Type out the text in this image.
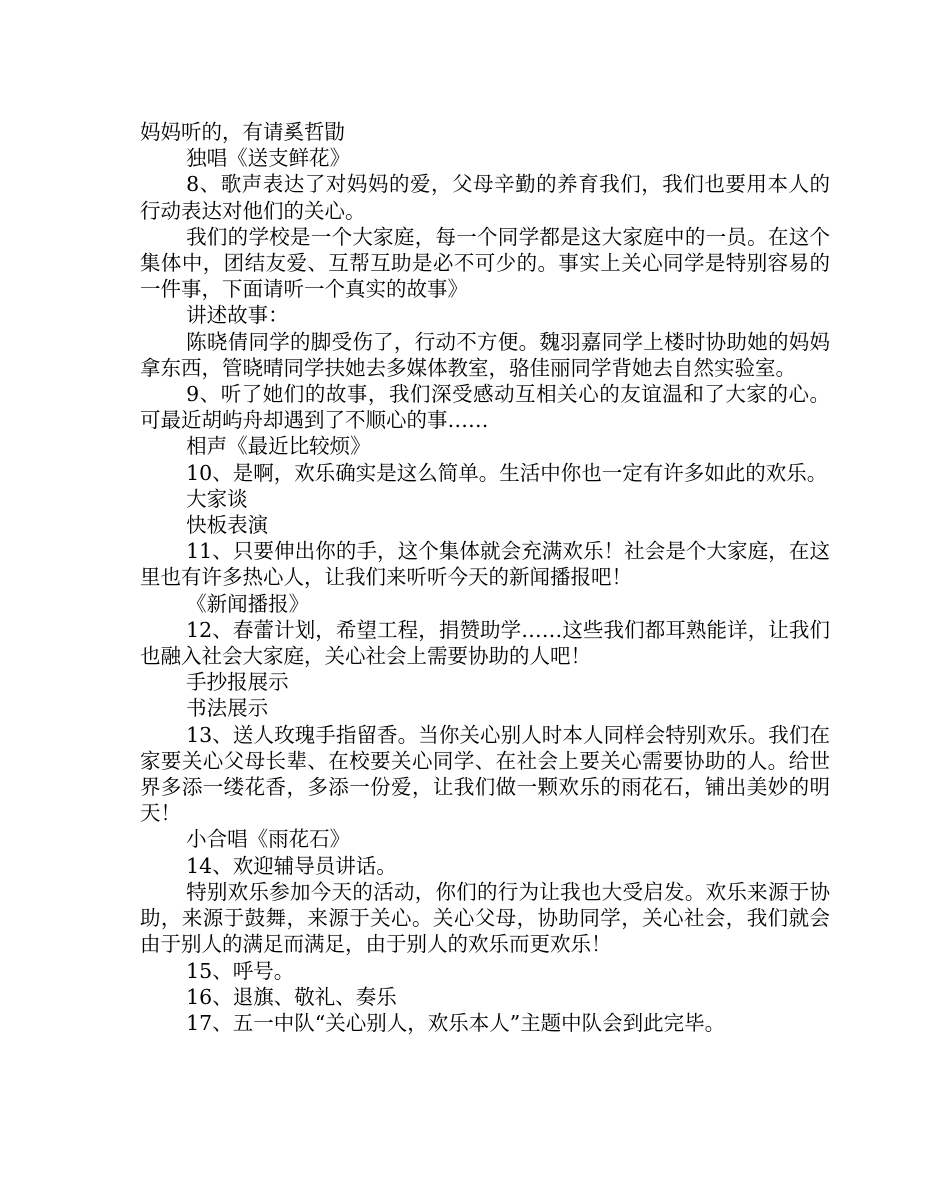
妈妈听的，有请奚哲勖

独唱《送支鲜花》

8、歌声表达了对妈妈的爱，父母辛勤的养育我们，我们也要用本人的行动表达对他们的关心。

我们的学校是一个大家庭，每一个同学都是这大家庭中的一员。在这个集体中，团结友爱、互帮互助是必不可少的。事实上关心同学是特别容易的一件事，下面请听一个真实的故事》

讲述故事：

陈晓倩同学的脚受伤了，行动不方便。魏羽嘉同学上楼时协助她的妈妈拿东西，管晓晴同学扶她去多媒体教室，骆佳丽同学背她去自然实验室。

9、听了她们的故事，我们深受感动互相关心的友谊温和了大家的心。可最近胡屿舟却遇到了不顺心的事……

相声《最近比较烦》

10、是啊，欢乐确实是这么简单。生活中你也一定有许多如此的欢乐。

大家谈

快板表演

11、只要伸出你的手，这个集体就会充满欢乐！社会是个大家庭，在这里也有许多热心人，让我们来听听今天的新闻播报吧！

《新闻播报》

12、春蕾计划，希望工程，捐赞助学……这些我们都耳熟能详，让我们也融入社会大家庭，关心社会上需要协助的人吧！

手抄报展示

书法展示

13、送人玫瑰手指留香。当你关心别人时本人同样会特别欢乐。我们在家要关心父母长辈、在校要关心同学、在社会上要关心需要协助的人。给世界多添一缕花香，多添一份爱，让我们做一颗欢乐的雨花石，铺出美妙的明天！

小合唱《雨花石》

14、欢迎辅导员讲话。

特别欢乐参加今天的活动，你们的行为让我也大受启发。欢乐来源于协助，来源于鼓舞，来源于关心。关心父母，协助同学，关心社会，我们就会由于别人的满足而满足，由于别人的欢乐而更欢乐！

15、呼号。

16、退旗、敬礼、奏乐

17、五一中队“关心别人，欢乐本人”主题中队会到此完毕。
